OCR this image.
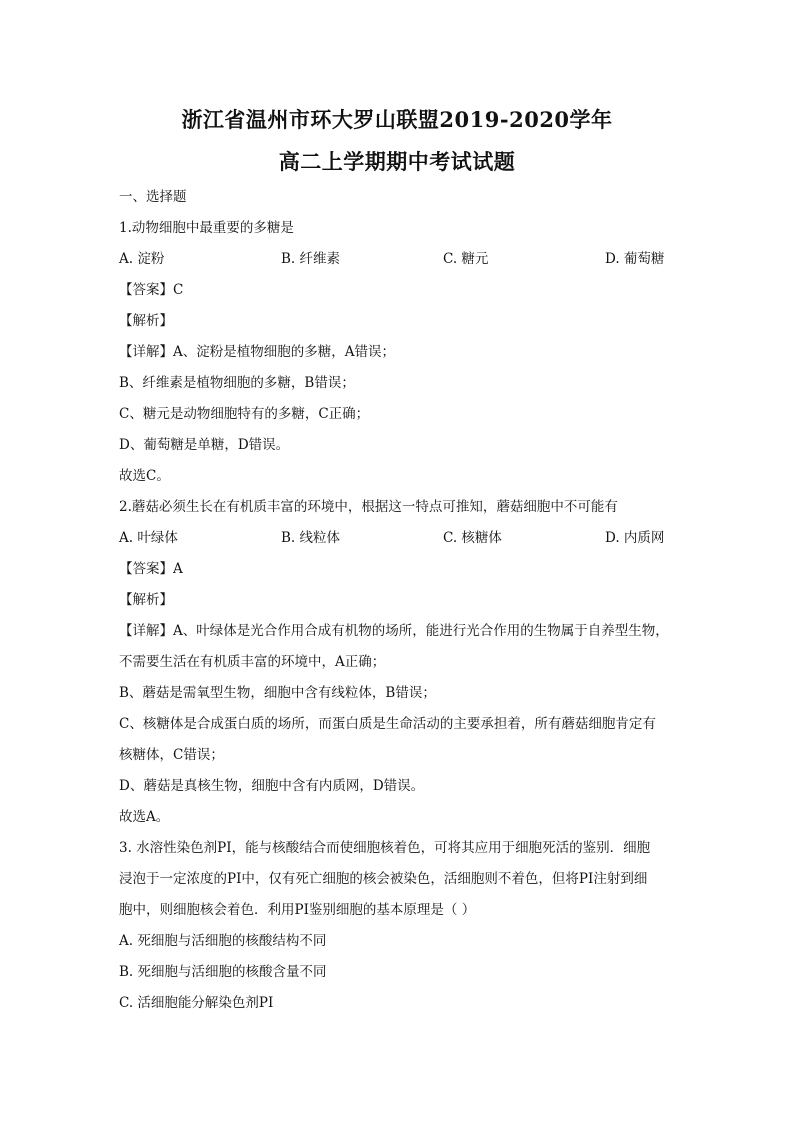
浙江省温州市环大罗山联盟2019-2020学年
高二上学期期中考试试题
一、选择题
1.动物细胞中最重要的多糖是
A. 淀粉	B. 纤维素	C. 糖元	D. 葡萄糖
【答案】C
【解析】
【详解】A、淀粉是植物细胞的多糖，A错误；
B、纤维素是植物细胞的多糖，B错误；
C、糖元是动物细胞特有的多糖，C正确；
D、葡萄糖是单糖，D错误。
故选C。
2.蘑菇必须生长在有机质丰富的环境中，根据这一特点可推知，蘑菇细胞中不可能有
A. 叶绿体	B. 线粒体	C. 核糖体	D. 内质网
【答案】A
【解析】
【详解】A、叶绿体是光合作用合成有机物的场所，能进行光合作用的生物属于自养型生物，
不需要生活在有机质丰富的环境中，A正确；
B、蘑菇是需氧型生物，细胞中含有线粒体，B错误；
C、核糖体是合成蛋白质的场所，而蛋白质是生命活动的主要承担着，所有蘑菇细胞肯定有
核糖体，C错误；
D、蘑菇是真核生物，细胞中含有内质网，D错误。
故选A。
3. 水溶性染色剂PI，能与核酸结合而使细胞核着色，可将其应用于细胞死活的鉴别．细胞
浸泡于一定浓度的PI中，仅有死亡细胞的核会被染色，活细胞则不着色，但将PI注射到细
胞中，则细胞核会着色．利用PI鉴别细胞的基本原理是（ ）
A. 死细胞与活细胞的核酸结构不同
B. 死细胞与活细胞的核酸含量不同
C. 活细胞能分解染色剂PI
